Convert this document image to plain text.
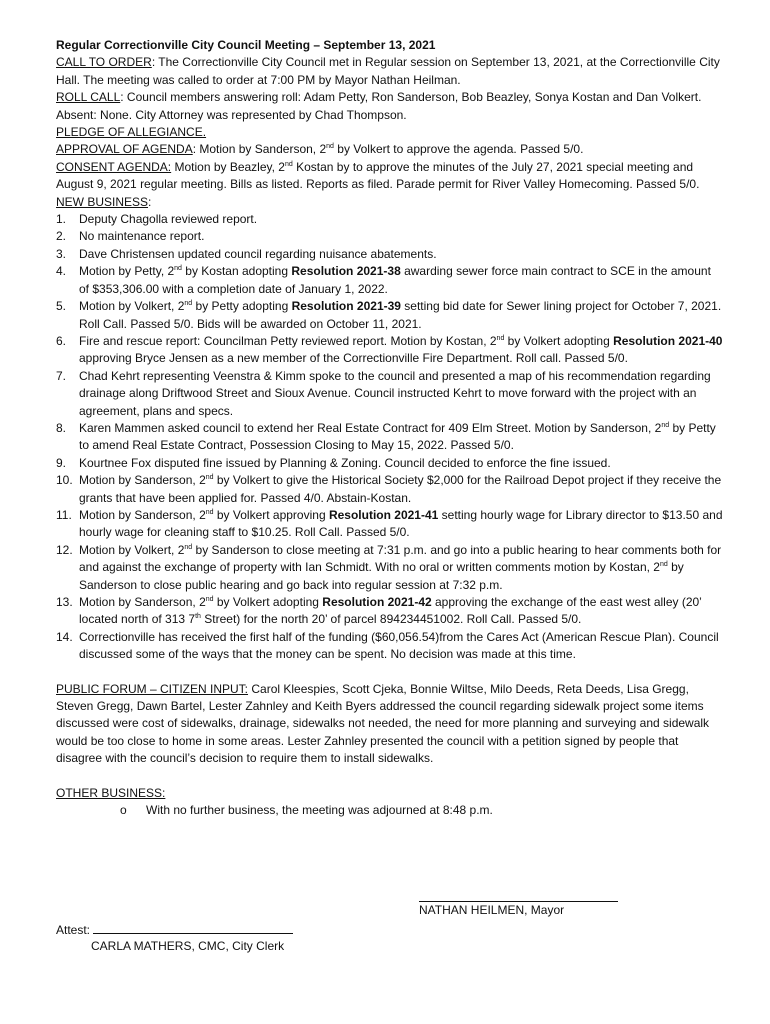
Regular Correctionville City Council Meeting – September 13, 2021

CALL TO ORDER: The Correctionville City Council met in Regular session on September 13, 2021, at the Correctionville City Hall. The meeting was called to order at 7:00 PM by Mayor Nathan Heilman.

ROLL CALL: Council members answering roll: Adam Petty, Ron Sanderson, Bob Beazley, Sonya Kostan and Dan Volkert. Absent: None. City Attorney was represented by Chad Thompson.

PLEDGE OF ALLEGIANCE.

APPROVAL OF AGENDA: Motion by Sanderson, 2nd by Volkert to approve the agenda. Passed 5/0.

CONSENT AGENDA: Motion by Beazley, 2nd Kostan by to approve the minutes of the July 27, 2021 special meeting and August 9, 2021 regular meeting. Bills as listed. Reports as filed. Parade permit for River Valley Homecoming. Passed 5/0.

NEW BUSINESS:

1. Deputy Chagolla reviewed report.
2. No maintenance report.
3. Dave Christensen updated council regarding nuisance abatements.
4. Motion by Petty, 2nd by Kostan adopting Resolution 2021-38 awarding sewer force main contract to SCE in the amount of $353,306.00 with a completion date of January 1, 2022.
5. Motion by Volkert, 2nd by Petty adopting Resolution 2021-39 setting bid date for Sewer lining project for October 7, 2021. Roll Call. Passed 5/0. Bids will be awarded on October 11, 2021.
6. Fire and rescue report: Councilman Petty reviewed report. Motion by Kostan, 2nd by Volkert adopting Resolution 2021-40 approving Bryce Jensen as a new member of the Correctionville Fire Department. Roll call. Passed 5/0.
7. Chad Kehrt representing Veenstra & Kimm spoke to the council and presented a map of his recommendation regarding drainage along Driftwood Street and Sioux Avenue. Council instructed Kehrt to move forward with the project with an agreement, plans and specs.
8. Karen Mammen asked council to extend her Real Estate Contract for 409 Elm Street. Motion by Sanderson, 2nd by Petty to amend Real Estate Contract, Possession Closing to May 15, 2022. Passed 5/0.
9. Kourtnee Fox disputed fine issued by Planning & Zoning. Council decided to enforce the fine issued.
10. Motion by Sanderson, 2nd by Volkert to give the Historical Society $2,000 for the Railroad Depot project if they receive the grants that have been applied for. Passed 4/0. Abstain-Kostan.
11. Motion by Sanderson, 2nd by Volkert approving Resolution 2021-41 setting hourly wage for Library director to $13.50 and hourly wage for cleaning staff to $10.25. Roll Call. Passed 5/0.
12. Motion by Volkert, 2nd by Sanderson to close meeting at 7:31 p.m. and go into a public hearing to hear comments both for and against the exchange of property with Ian Schmidt. With no oral or written comments motion by Kostan, 2nd by Sanderson to close public hearing and go back into regular session at 7:32 p.m.
13. Motion by Sanderson, 2nd by Volkert adopting Resolution 2021-42 approving the exchange of the east west alley (20’ located north of 313 7th Street) for the north 20’ of parcel 894234451002. Roll Call. Passed 5/0.
14. Correctionville has received the first half of the funding ($60,056.54)from the Cares Act (American Rescue Plan). Council discussed some of the ways that the money can be spent. No decision was made at this time.

PUBLIC FORUM – CITIZEN INPUT: Carol Kleespies, Scott Cjeka, Bonnie Wiltse, Milo Deeds, Reta Deeds, Lisa Gregg, Steven Gregg, Dawn Bartel, Lester Zahnley and Keith Byers addressed the council regarding sidewalk project some items discussed were cost of sidewalks, drainage, sidewalks not needed, the need for more planning and surveying and sidewalk would be too close to home in some areas. Lester Zahnley presented the council with a petition signed by people that disagree with the council’s decision to require them to install sidewalks.

OTHER BUSINESS:

o With no further business, the meeting was adjourned at 8:48 p.m.
NATHAN HEILMEN, Mayor
Attest:
CARLA MATHERS, CMC, City Clerk
